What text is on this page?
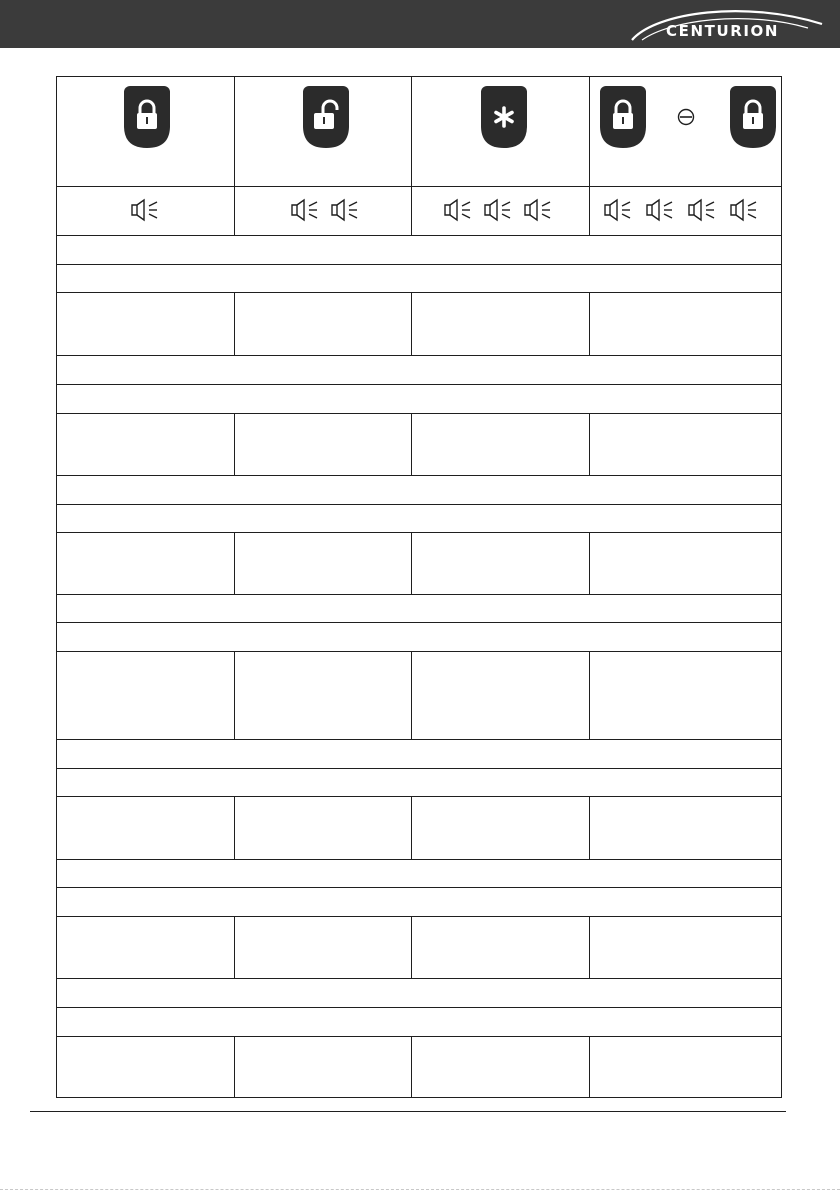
CENTURION
